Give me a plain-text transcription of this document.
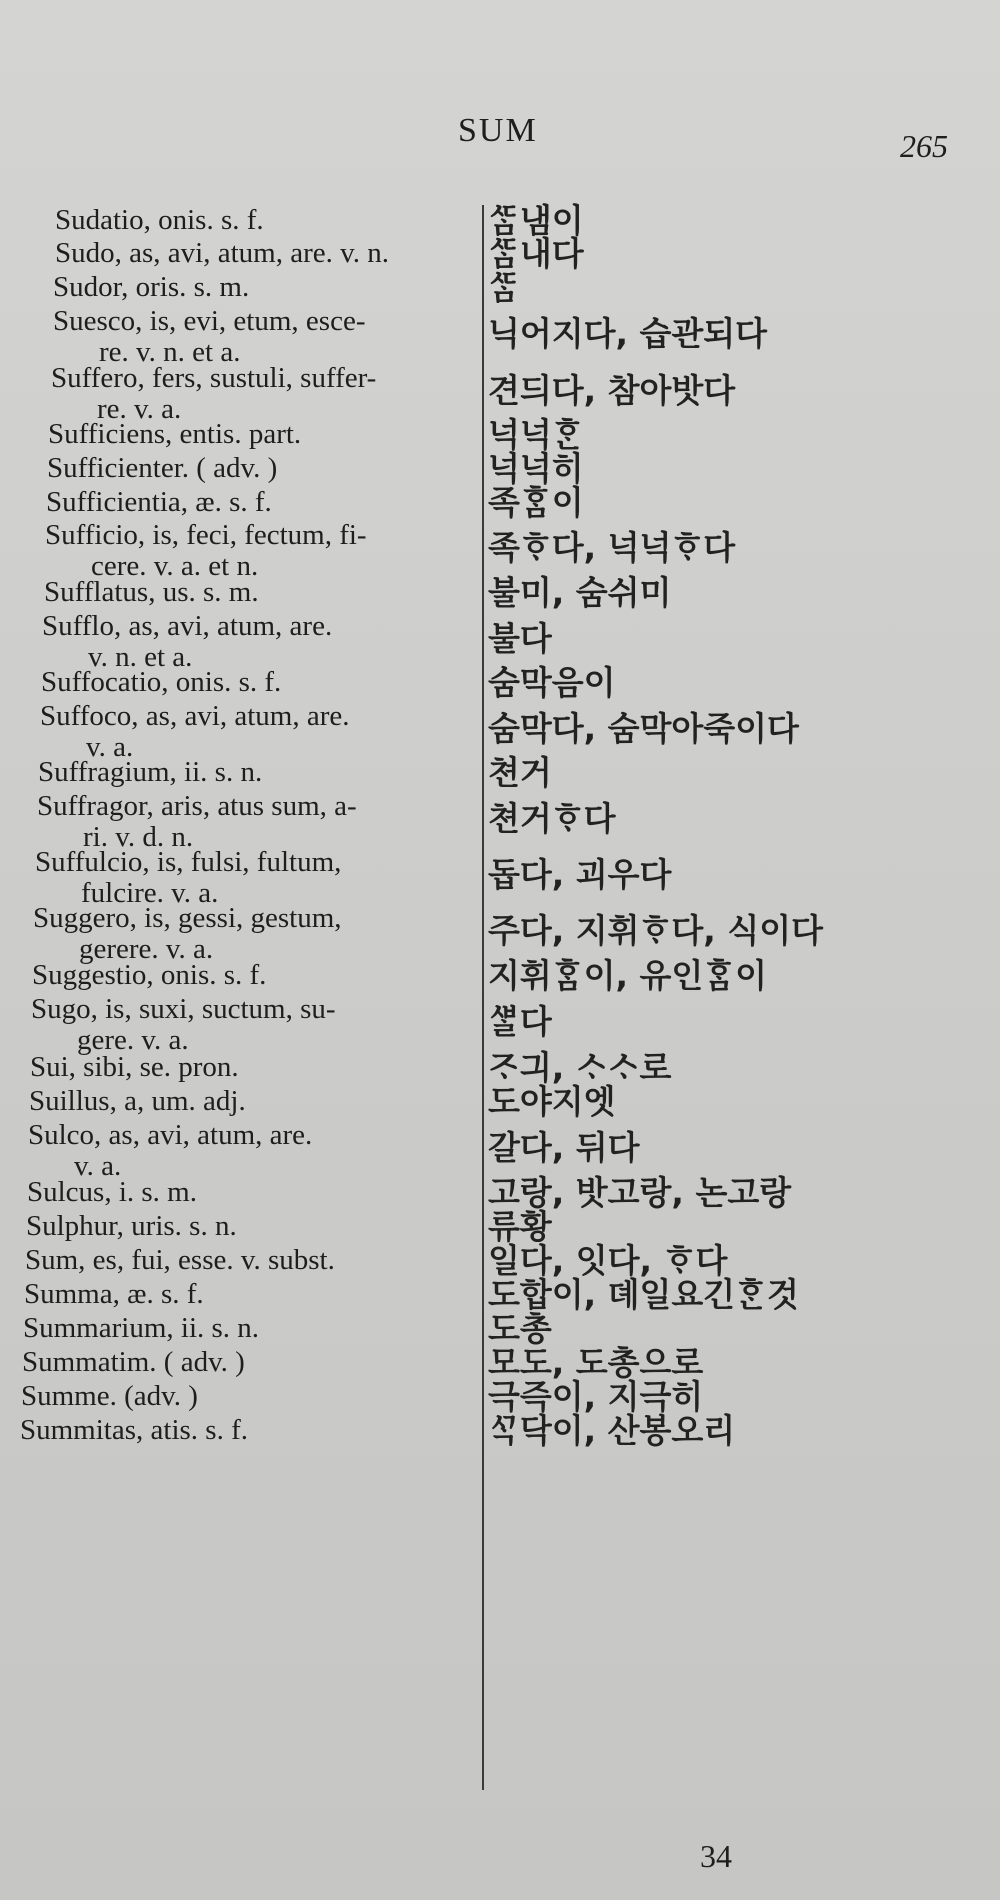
SUM	265
Sudatio, onis. s. f.
Sudo, as, avi, atum, are. v. n.
Sudor, oris. s. m.
Suesco, is, evi, etum, esce-
re. v. n. et a.
Suffero, fers, sustuli, suffer-
re. v. a.
Sufficiens, entis. part.
Sufficienter. ( adv. )
Sufficientia, æ. s. f.
Sufficio, is, feci, fectum, fi-
cere. v. a. et n.
Sufflatus, us. s. m.
Sufflo, as, avi, atum, are.
v. n. et a.
Suffocatio, onis. s. f.
Suffoco, as, avi, atum, are.
v. a.
Suffragium, ii. s. n.
Suffragor, aris, atus sum, a-
ri. v. d. n.
Suffulcio, is, fulsi, fultum,
fulcire. v. a.
Suggero, is, gessi, gestum,
gerere. v. a.
Suggestio, onis. s. f.
Sugo, is, suxi, suctum, su-
gere. v. a.
Sui, sibi, se. pron.
Suillus, a, um. adj.
Sulco, as, avi, atum, are.
v. a.
Sulcus, i. s. m.
Sulphur, uris. s. n.
Sum, es, fui, esse. v. subst.
Summa, æ. s. f.
Summarium, ii. s. n.
Summatim. ( adv. )
Summe. (adv. )
Summitas, atis. s. f.
ᄯᆞᆷ냄이
ᄯᆞᆷ내다
ᄯᆞᆷ
닉어지다, 습관되다
견듸다, 참아밧다
넉넉ᄒᆞᆫ
넉넉히
족ᄒᆞᆷ이
족ᄒᆞ다, 넉넉ᄒᆞ다
불미, 숨쉬미
불다
숨막음이
숨막다, 숨막아죽이다
쳔거
쳔거ᄒᆞ다
돕다, 괴우다
주다, 지휘ᄒᆞ다, 식이다
지휘ᄒᆞᆷ이, 유인ᄒᆞᆷ이
ᄲᆞᆯ다
ᄌᆞ긔, ᄉᆞᄉᆞ로
도야지엣
갈다, 뒤다
고랑, 밧고랑, 논고랑
류황
일다, 잇다, ᄒᆞ다
도합이, 뎨일요긴ᄒᆞᆫ것
도총
모도, 도총으로
극즉이, 지극히
ᄭᆞᆨ닥이, 산봉오리
34
